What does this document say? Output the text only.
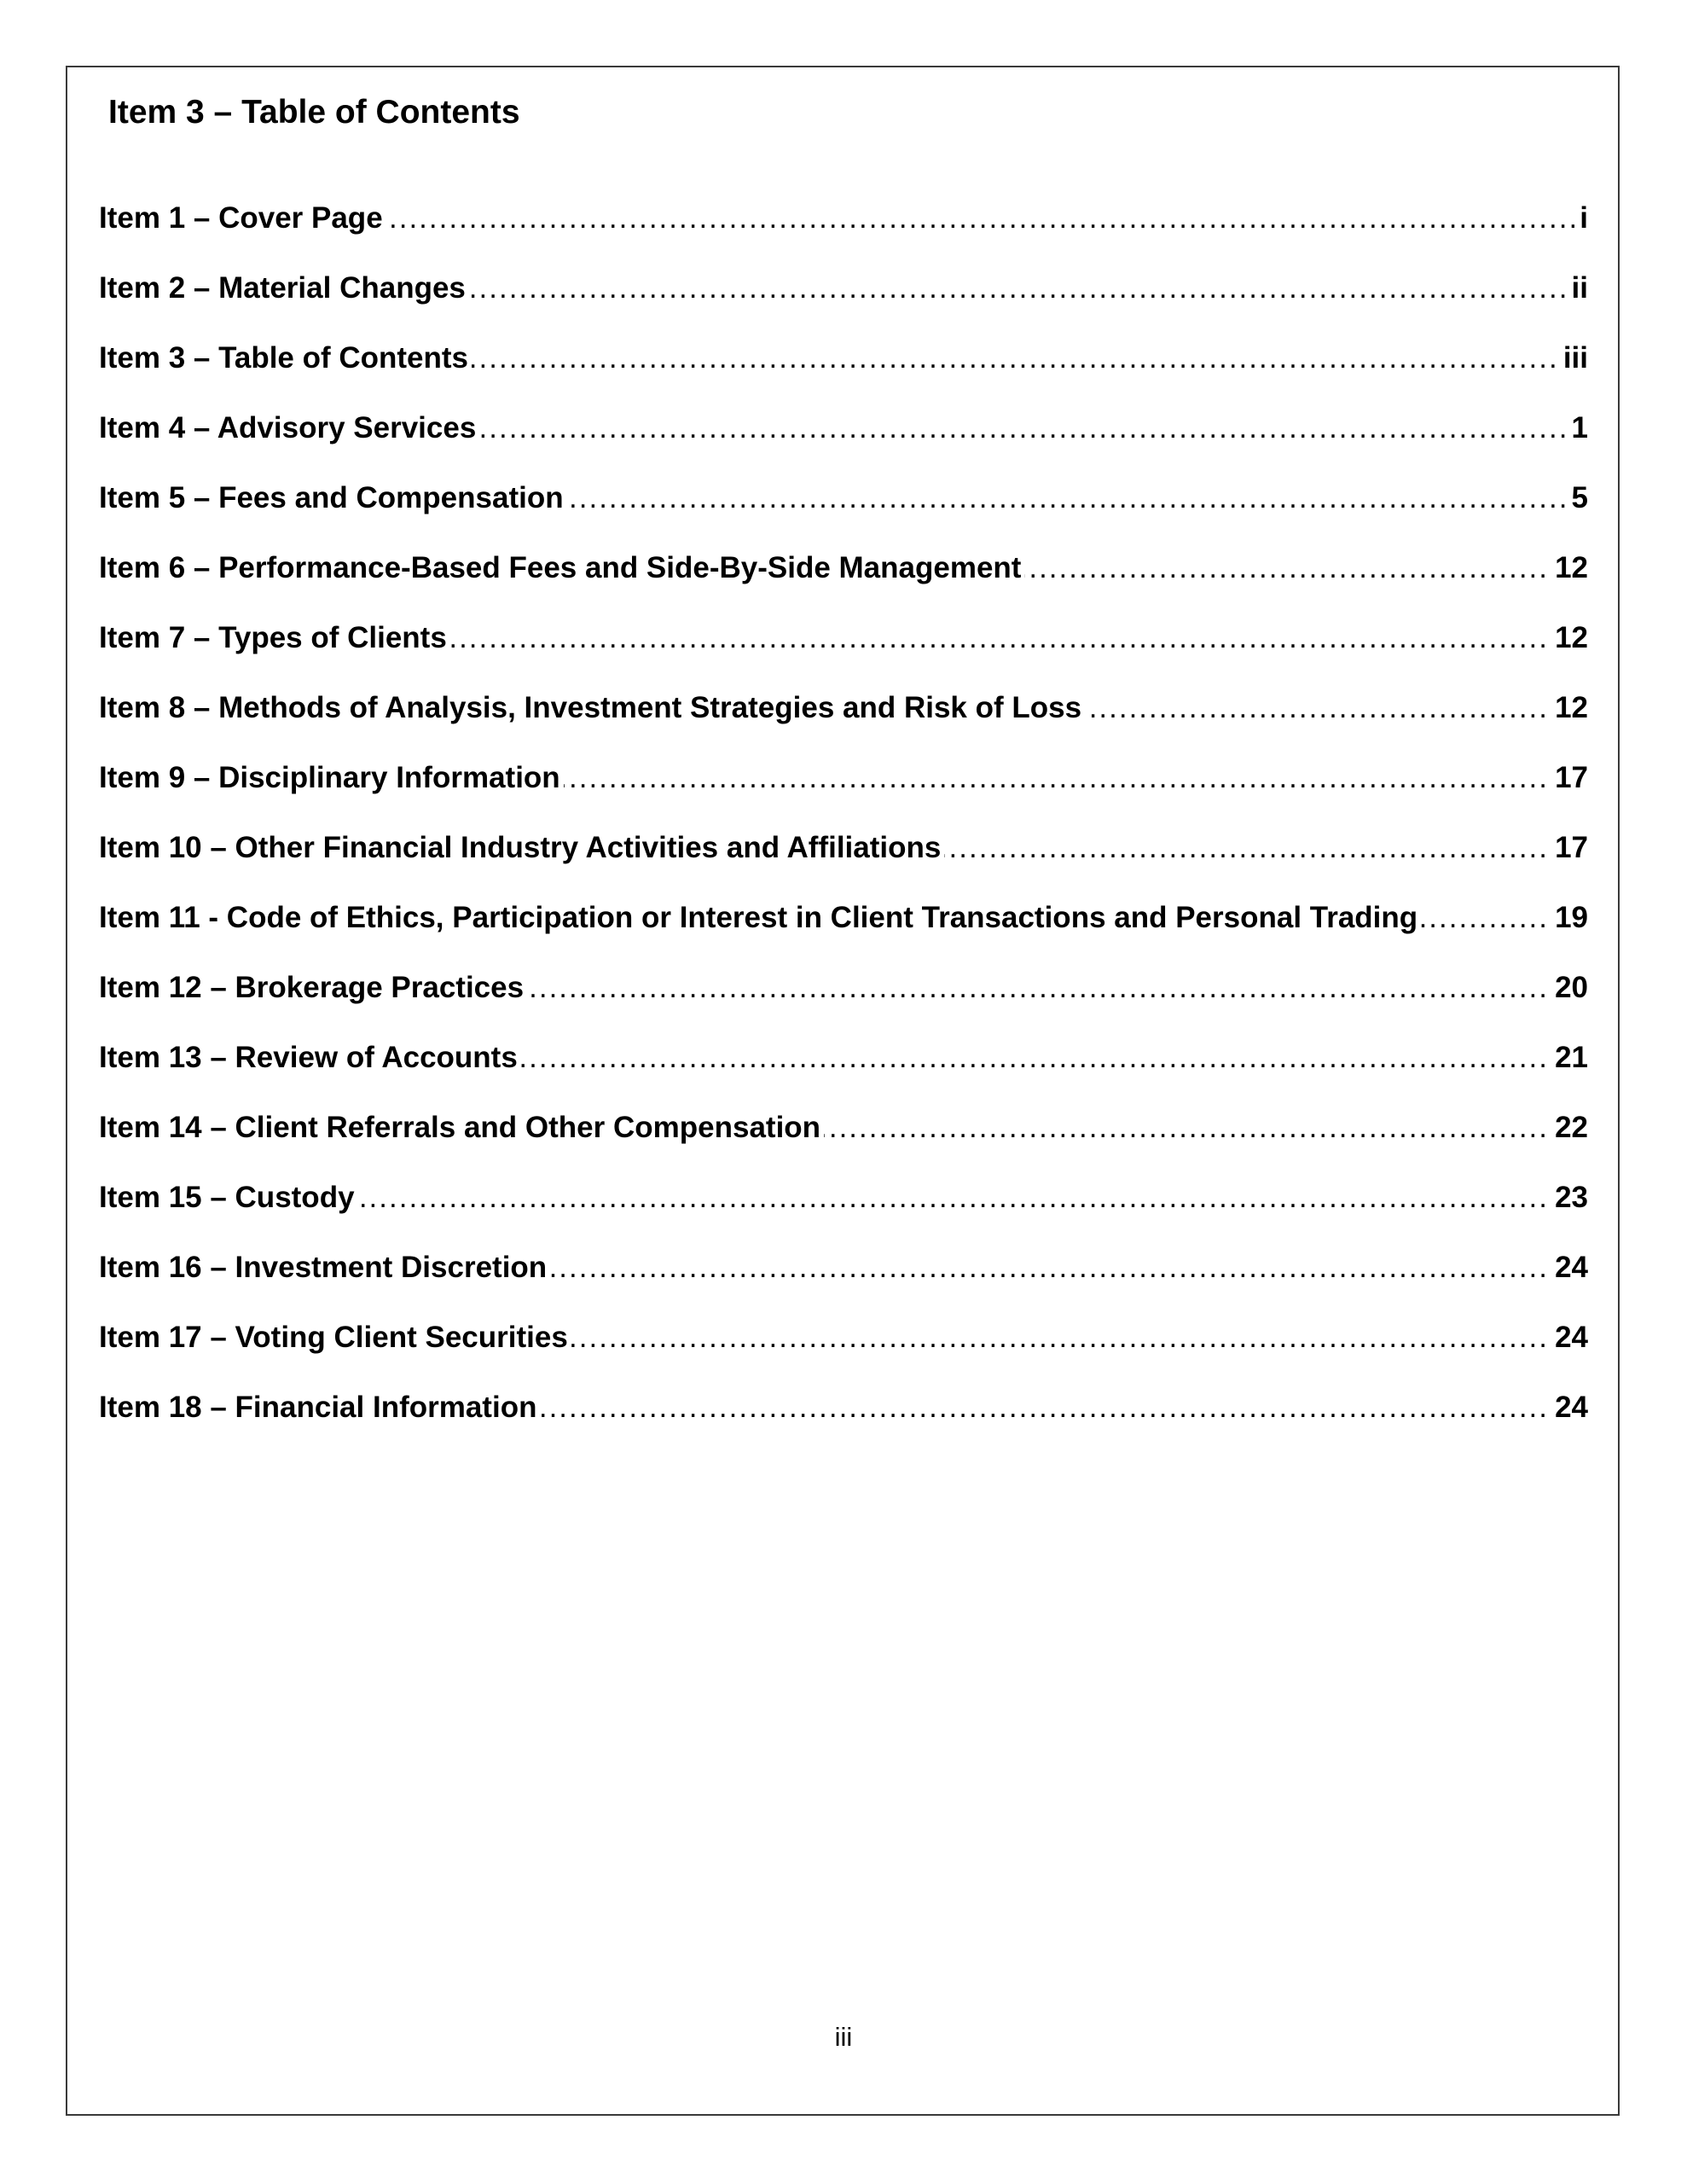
Item 3 – Table of Contents
Item 1 – Cover Page .....	i
Item 2 – Material Changes .....	ii
Item 3 – Table of Contents .....	iii
Item 4 – Advisory Services .....	1
Item 5 – Fees and Compensation .....	5
Item 6 – Performance-Based Fees and Side-By-Side Management .....	12
Item 7 – Types of Clients .....	12
Item 8 – Methods of Analysis, Investment Strategies and Risk of Loss .....	12
Item 9 – Disciplinary Information .....	17
Item 10 – Other Financial Industry Activities and Affiliations .....	17
Item 11 - Code of Ethics, Participation or Interest in Client Transactions and Personal Trading .....	19
Item 12 – Brokerage Practices .....	20
Item 13 – Review of Accounts .....	21
Item 14 – Client Referrals and Other Compensation .....	22
Item 15 – Custody .....	23
Item 16 – Investment Discretion .....	24
Item 17 – Voting Client Securities .....	24
Item 18 – Financial Information .....	24
iii
